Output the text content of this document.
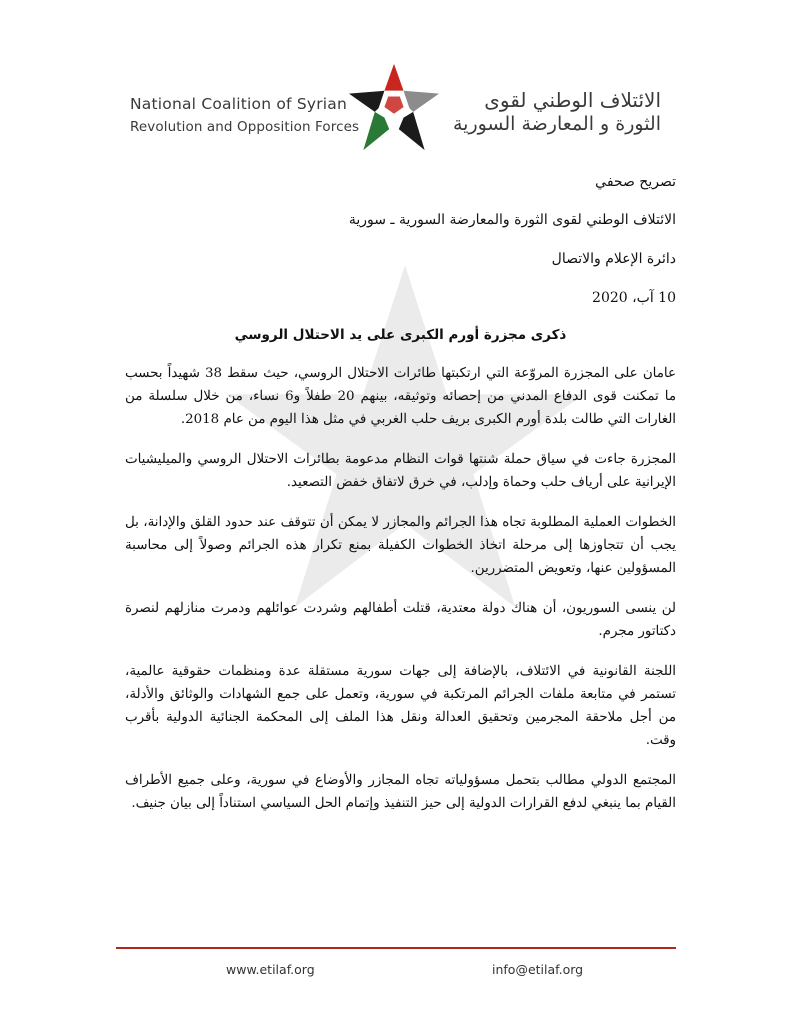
National Coalition of Syrian
Revolution and Opposition Forces
الائتلاف الوطني لقوى
الثورة و المعارضة السورية

تصريح صحفي

الائتلاف الوطني لقوى الثورة والمعارضة السورية ـ سورية

دائرة الإعلام والاتصال

10 آب، 2020

ذكرى مجزرة أورم الكبرى على يد الاحتلال الروسي

عامان على المجزرة المروّعة التي ارتكبتها طائرات الاحتلال الروسي، حيث سقط 38 شهيداً بحسب ما تمكنت قوى الدفاع المدني من إحصائه وتوثيقه، بينهم 20 طفلاً و6 نساء، من خلال سلسلة من الغارات التي طالت بلدة أورم الكبرى بريف حلب الغربي في مثل هذا اليوم من عام 2018.

المجزرة جاءت في سياق حملة شنتها قوات النظام مدعومة بطائرات الاحتلال الروسي والميليشيات الإيرانية على أرياف حلب وحماة وإدلب، في خرق لاتفاق خفض التصعيد.

الخطوات العملية المطلوبة تجاه هذا الجرائم والمجازر لا يمكن أن تتوقف عند حدود القلق والإدانة، بل يجب أن تتجاوزها إلى مرحلة اتخاذ الخطوات الكفيلة بمنع تكرار هذه الجرائم وصولاً إلى محاسبة المسؤولين عنها، وتعويض المتضررين.

لن ينسى السوريون، أن هناك دولة معتدية، قتلت أطفالهم وشردت عوائلهم ودمرت منازلهم لنصرة دكتاتور مجرم.

اللجنة القانونية في الائتلاف، بالإضافة إلى جهات سورية مستقلة عدة ومنظمات حقوقية عالمية، تستمر في متابعة ملفات الجرائم المرتكبة في سورية، وتعمل على جمع الشهادات والوثائق والأدلة، من أجل ملاحقة المجرمين وتحقيق العدالة ونقل هذا الملف إلى المحكمة الجنائية الدولية بأقرب وقت.

المجتمع الدولي مطالب بتحمل مسؤولياته تجاه المجازر والأوضاع في سورية، وعلى جميع الأطراف القيام بما ينبغي لدفع القرارات الدولية إلى حيز التنفيذ وإتمام الحل السياسي استناداً إلى بيان جنيف.

www.etilaf.org	info@etilaf.org
